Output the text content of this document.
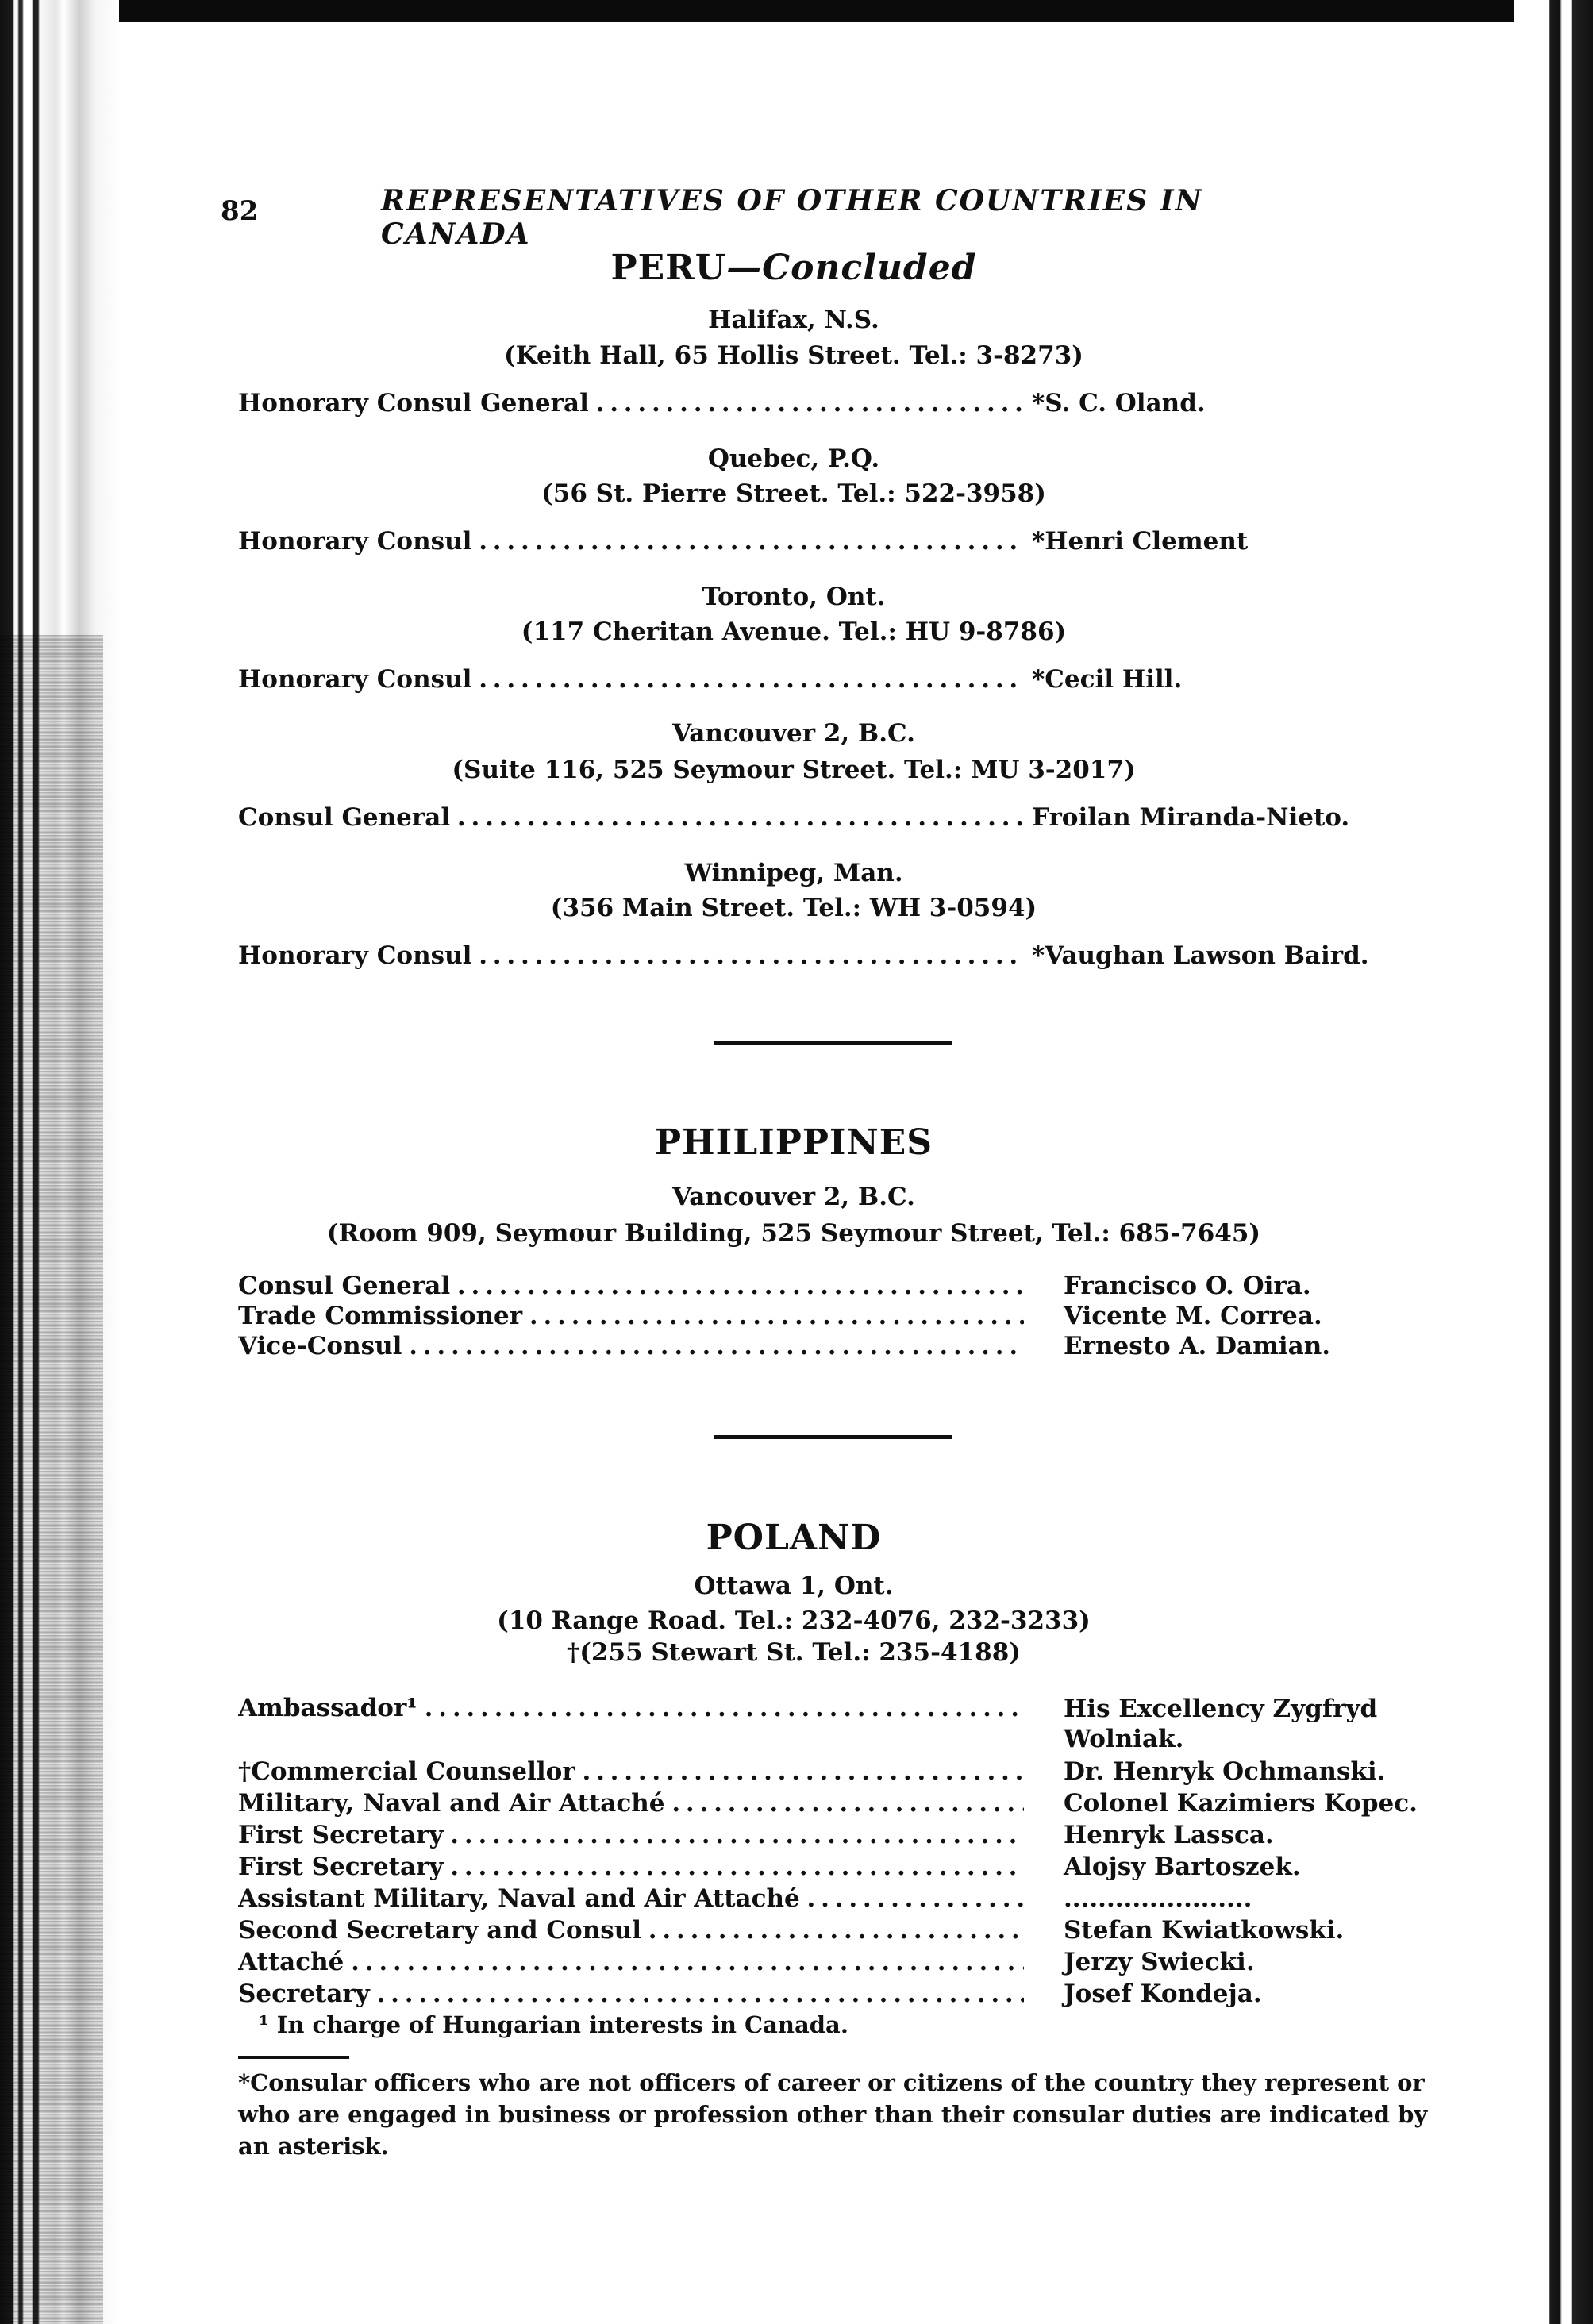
82	REPRESENTATIVES OF OTHER COUNTRIES IN CANADA
PERU—Concluded
Halifax, N.S.
(Keith Hall, 65 Hollis Street. Tel.: 3-8273)
Honorary Consul General . . .	*S. C. Oland.
Quebec, P.Q.
(56 St. Pierre Street. Tel.: 522-3958)
Honorary Consul . . .	*Henri Clement
Toronto, Ont.
(117 Cheritan Avenue. Tel.: HU 9-8786)
Honorary Consul . . .	*Cecil Hill.
Vancouver 2, B.C.
(Suite 116, 525 Seymour Street. Tel.: MU 3-2017)
Consul General . . .	Froilan Miranda-Nieto.
Winnipeg, Man.
(356 Main Street. Tel.: WH 3-0594)
Honorary Consul . . .	*Vaughan Lawson Baird.
PHILIPPINES
Vancouver 2, B.C.
(Room 909, Seymour Building, 525 Seymour Street, Tel.: 685-7645)
Consul General . . .	Francisco O. Oira.
Trade Commissioner . . .	Vicente M. Correa.
Vice-Consul . . .	Ernesto A. Damian.
POLAND
Ottawa 1, Ont.
(10 Range Road. Tel.: 232-4076, 232-3233)
†(255 Stewart St. Tel.: 235-4188)
Ambassador¹ . . .	His Excellency Zygfryd Wolniak.
†Commercial Counsellor . . .	Dr. Henryk Ochmanski.
Military, Naval and Air Attaché . . .	Colonel Kazimiers Kopec.
First Secretary . . .	Henryk Lassca.
First Secretary . . .	Alojsy Bartoszek.
Assistant Military, Naval and Air Attaché . . .	......................
Second Secretary and Consul . . .	Stefan Kwiatkowski.
Attaché . . .	Jerzy Swiecki.
Secretary . . .	Josef Kondeja.
¹ In charge of Hungarian interests in Canada.
*Consular officers who are not officers of career or citizens of the country they represent or who are engaged in business or profession other than their consular duties are indicated by an asterisk.
